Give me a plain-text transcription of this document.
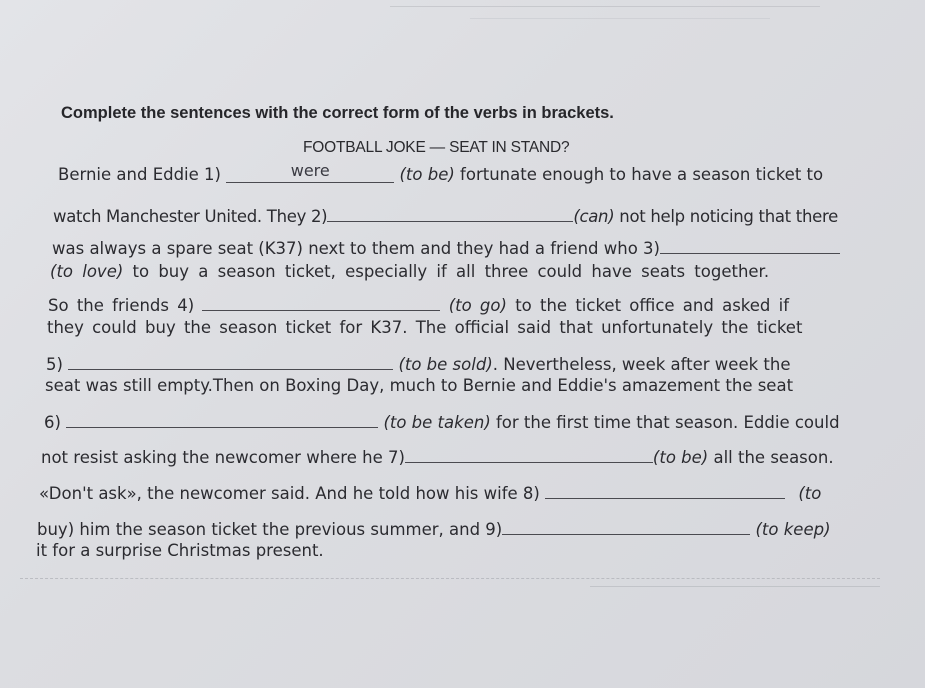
Complete the sentences with the correct form of the verbs in brackets.
FOOTBALL JOKE — SEAT IN STAND?
Bernie and Eddie 1)	were	(to be) fortunate enough to have a season ticket to
watch Manchester United. They 2)	(can) not help noticing that there
was always a spare seat (K37) next to them and they had a friend who 3)
(to love) to buy a season ticket, especially if all three could have seats together.
So the friends 4)	(to go) to the ticket office and asked if
they could buy the season ticket for K37. The official said that unfortunately the ticket
5)	(to be sold). Nevertheless, week after week the
seat was still empty.Then on Boxing Day, much to Bernie and Eddie's amazement the seat
6)	(to be taken) for the first time that season. Eddie could
not resist asking the newcomer where he 7)	(to be) all the season.
«Don't ask», the newcomer said. And he told how his wife 8)	(to
buy) him the season ticket the previous summer, and 9)	(to keep)
it for a surprise Christmas present.
